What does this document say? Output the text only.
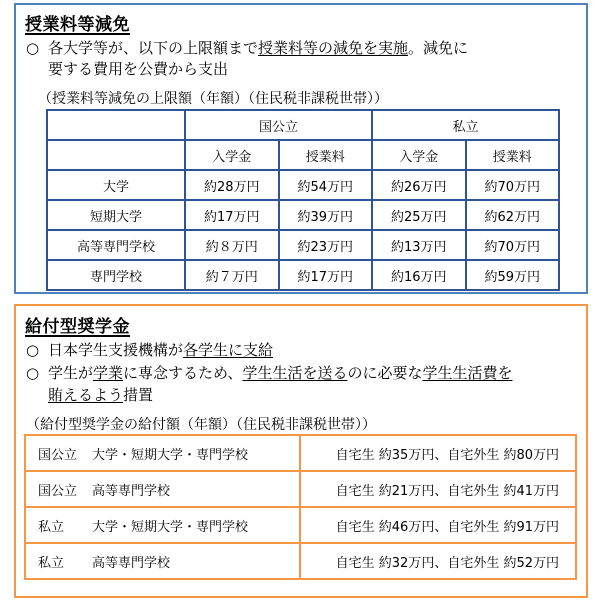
授業料等減免
○ 各大学等が、以下の上限額まで授業料等の減免を実施。減免に
要する費用を公費から支出
（授業料等減免の上限額（年額）（住民税非課税世帯））
	国公立		私立	
	入学金	授業料	入学金	授業料
大学	約28万円	約54万円	約26万円	約70万円
短期大学	約17万円	約39万円	約25万円	約62万円
高等専門学校	約８万円	約23万円	約13万円	約70万円
専門学校	約７万円	約17万円	約16万円	約59万円
給付型奨学金
○ 日本学生支援機構が各学生に支給
○ 学生が学業に専念するため、学生生活を送るのに必要な学生生活費を
賄えるよう措置
（給付型奨学金の給付額（年額）（住民税非課税世帯））
国公立 大学・短期大学・専門学校	自宅生 約35万円、自宅外生 約80万円
国公立 高等専門学校	自宅生 約21万円、自宅外生 約41万円
私立 大学・短期大学・専門学校	自宅生 約46万円、自宅外生 約91万円
私立 高等専門学校	自宅生 約32万円、自宅外生 約52万円
